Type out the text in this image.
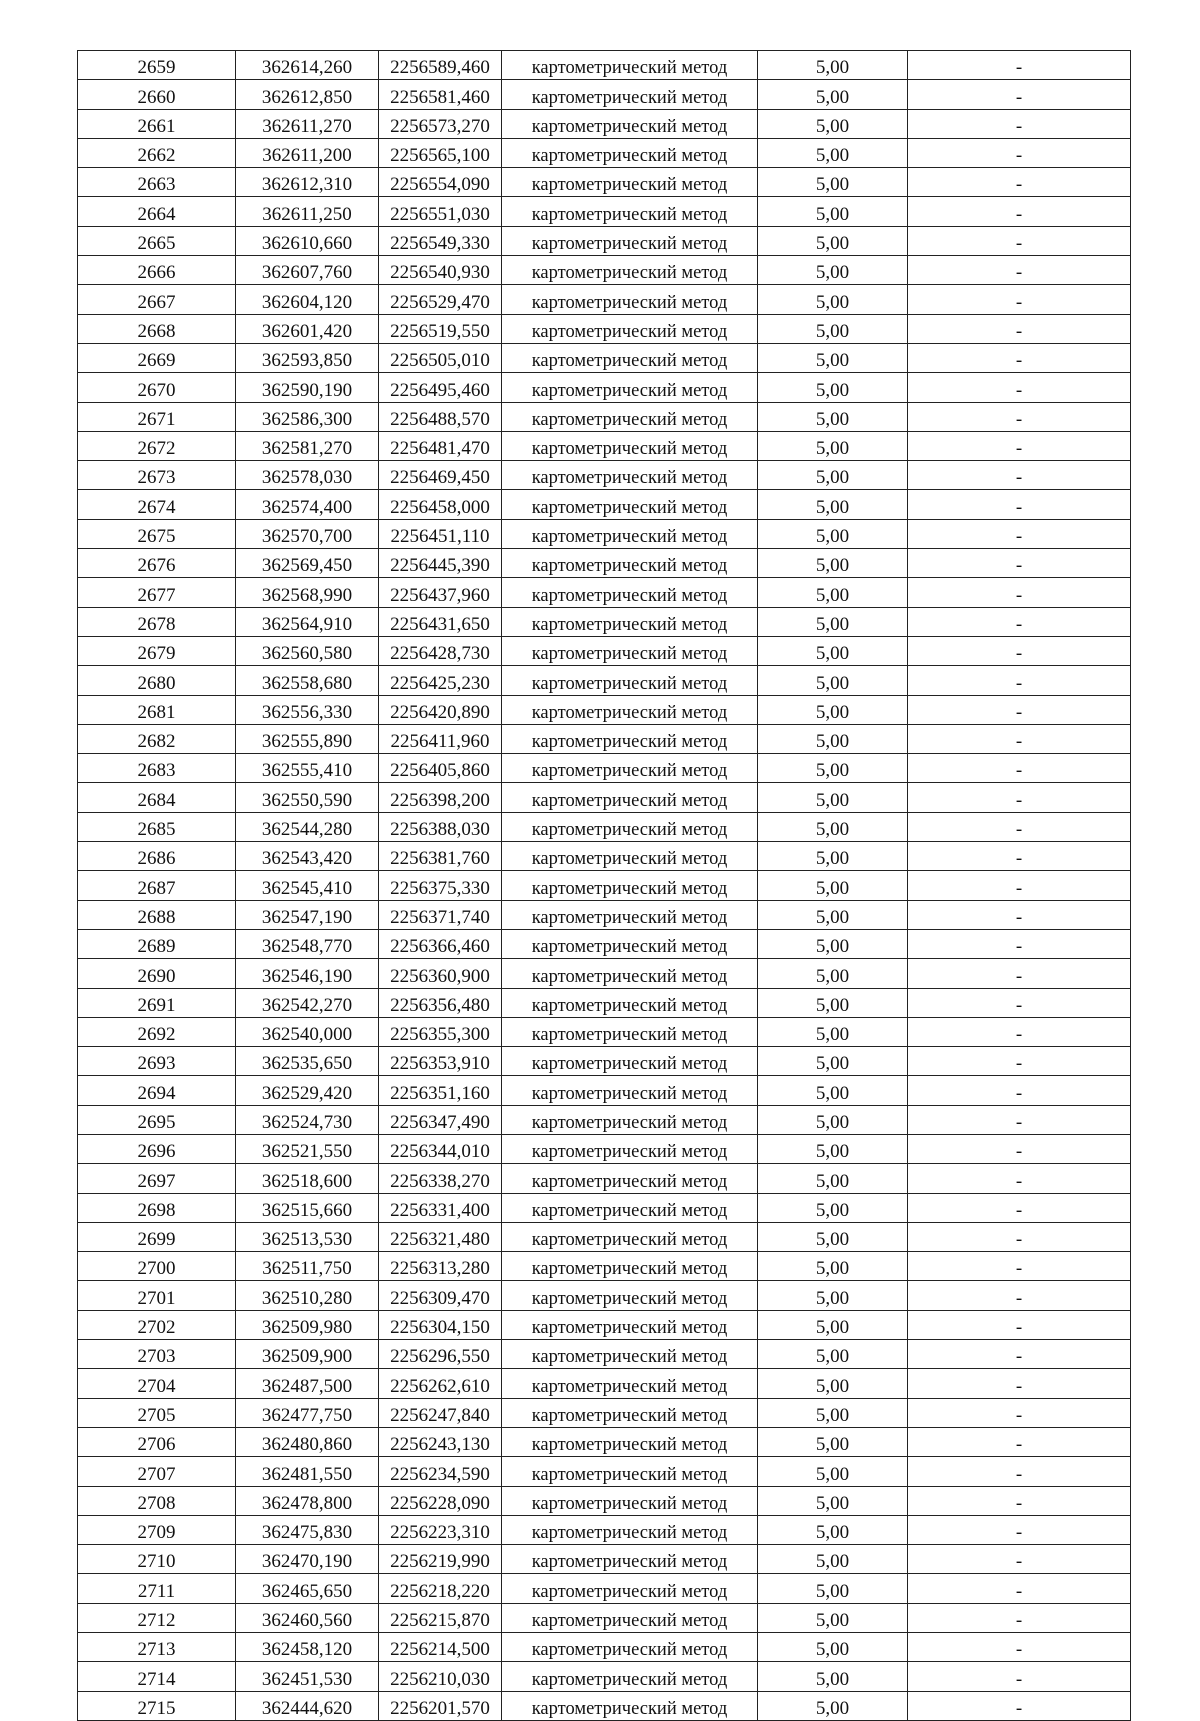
2659	362614,260	2256589,460	картометрический метод	5,00	-
2660	362612,850	2256581,460	картометрический метод	5,00	-
2661	362611,270	2256573,270	картометрический метод	5,00	-
2662	362611,200	2256565,100	картометрический метод	5,00	-
2663	362612,310	2256554,090	картометрический метод	5,00	-
2664	362611,250	2256551,030	картометрический метод	5,00	-
2665	362610,660	2256549,330	картометрический метод	5,00	-
2666	362607,760	2256540,930	картометрический метод	5,00	-
2667	362604,120	2256529,470	картометрический метод	5,00	-
2668	362601,420	2256519,550	картометрический метод	5,00	-
2669	362593,850	2256505,010	картометрический метод	5,00	-
2670	362590,190	2256495,460	картометрический метод	5,00	-
2671	362586,300	2256488,570	картометрический метод	5,00	-
2672	362581,270	2256481,470	картометрический метод	5,00	-
2673	362578,030	2256469,450	картометрический метод	5,00	-
2674	362574,400	2256458,000	картометрический метод	5,00	-
2675	362570,700	2256451,110	картометрический метод	5,00	-
2676	362569,450	2256445,390	картометрический метод	5,00	-
2677	362568,990	2256437,960	картометрический метод	5,00	-
2678	362564,910	2256431,650	картометрический метод	5,00	-
2679	362560,580	2256428,730	картометрический метод	5,00	-
2680	362558,680	2256425,230	картометрический метод	5,00	-
2681	362556,330	2256420,890	картометрический метод	5,00	-
2682	362555,890	2256411,960	картометрический метод	5,00	-
2683	362555,410	2256405,860	картометрический метод	5,00	-
2684	362550,590	2256398,200	картометрический метод	5,00	-
2685	362544,280	2256388,030	картометрический метод	5,00	-
2686	362543,420	2256381,760	картометрический метод	5,00	-
2687	362545,410	2256375,330	картометрический метод	5,00	-
2688	362547,190	2256371,740	картометрический метод	5,00	-
2689	362548,770	2256366,460	картометрический метод	5,00	-
2690	362546,190	2256360,900	картометрический метод	5,00	-
2691	362542,270	2256356,480	картометрический метод	5,00	-
2692	362540,000	2256355,300	картометрический метод	5,00	-
2693	362535,650	2256353,910	картометрический метод	5,00	-
2694	362529,420	2256351,160	картометрический метод	5,00	-
2695	362524,730	2256347,490	картометрический метод	5,00	-
2696	362521,550	2256344,010	картометрический метод	5,00	-
2697	362518,600	2256338,270	картометрический метод	5,00	-
2698	362515,660	2256331,400	картометрический метод	5,00	-
2699	362513,530	2256321,480	картометрический метод	5,00	-
2700	362511,750	2256313,280	картометрический метод	5,00	-
2701	362510,280	2256309,470	картометрический метод	5,00	-
2702	362509,980	2256304,150	картометрический метод	5,00	-
2703	362509,900	2256296,550	картометрический метод	5,00	-
2704	362487,500	2256262,610	картометрический метод	5,00	-
2705	362477,750	2256247,840	картометрический метод	5,00	-
2706	362480,860	2256243,130	картометрический метод	5,00	-
2707	362481,550	2256234,590	картометрический метод	5,00	-
2708	362478,800	2256228,090	картометрический метод	5,00	-
2709	362475,830	2256223,310	картометрический метод	5,00	-
2710	362470,190	2256219,990	картометрический метод	5,00	-
2711	362465,650	2256218,220	картометрический метод	5,00	-
2712	362460,560	2256215,870	картометрический метод	5,00	-
2713	362458,120	2256214,500	картометрический метод	5,00	-
2714	362451,530	2256210,030	картометрический метод	5,00	-
2715	362444,620	2256201,570	картометрический метод	5,00	-
